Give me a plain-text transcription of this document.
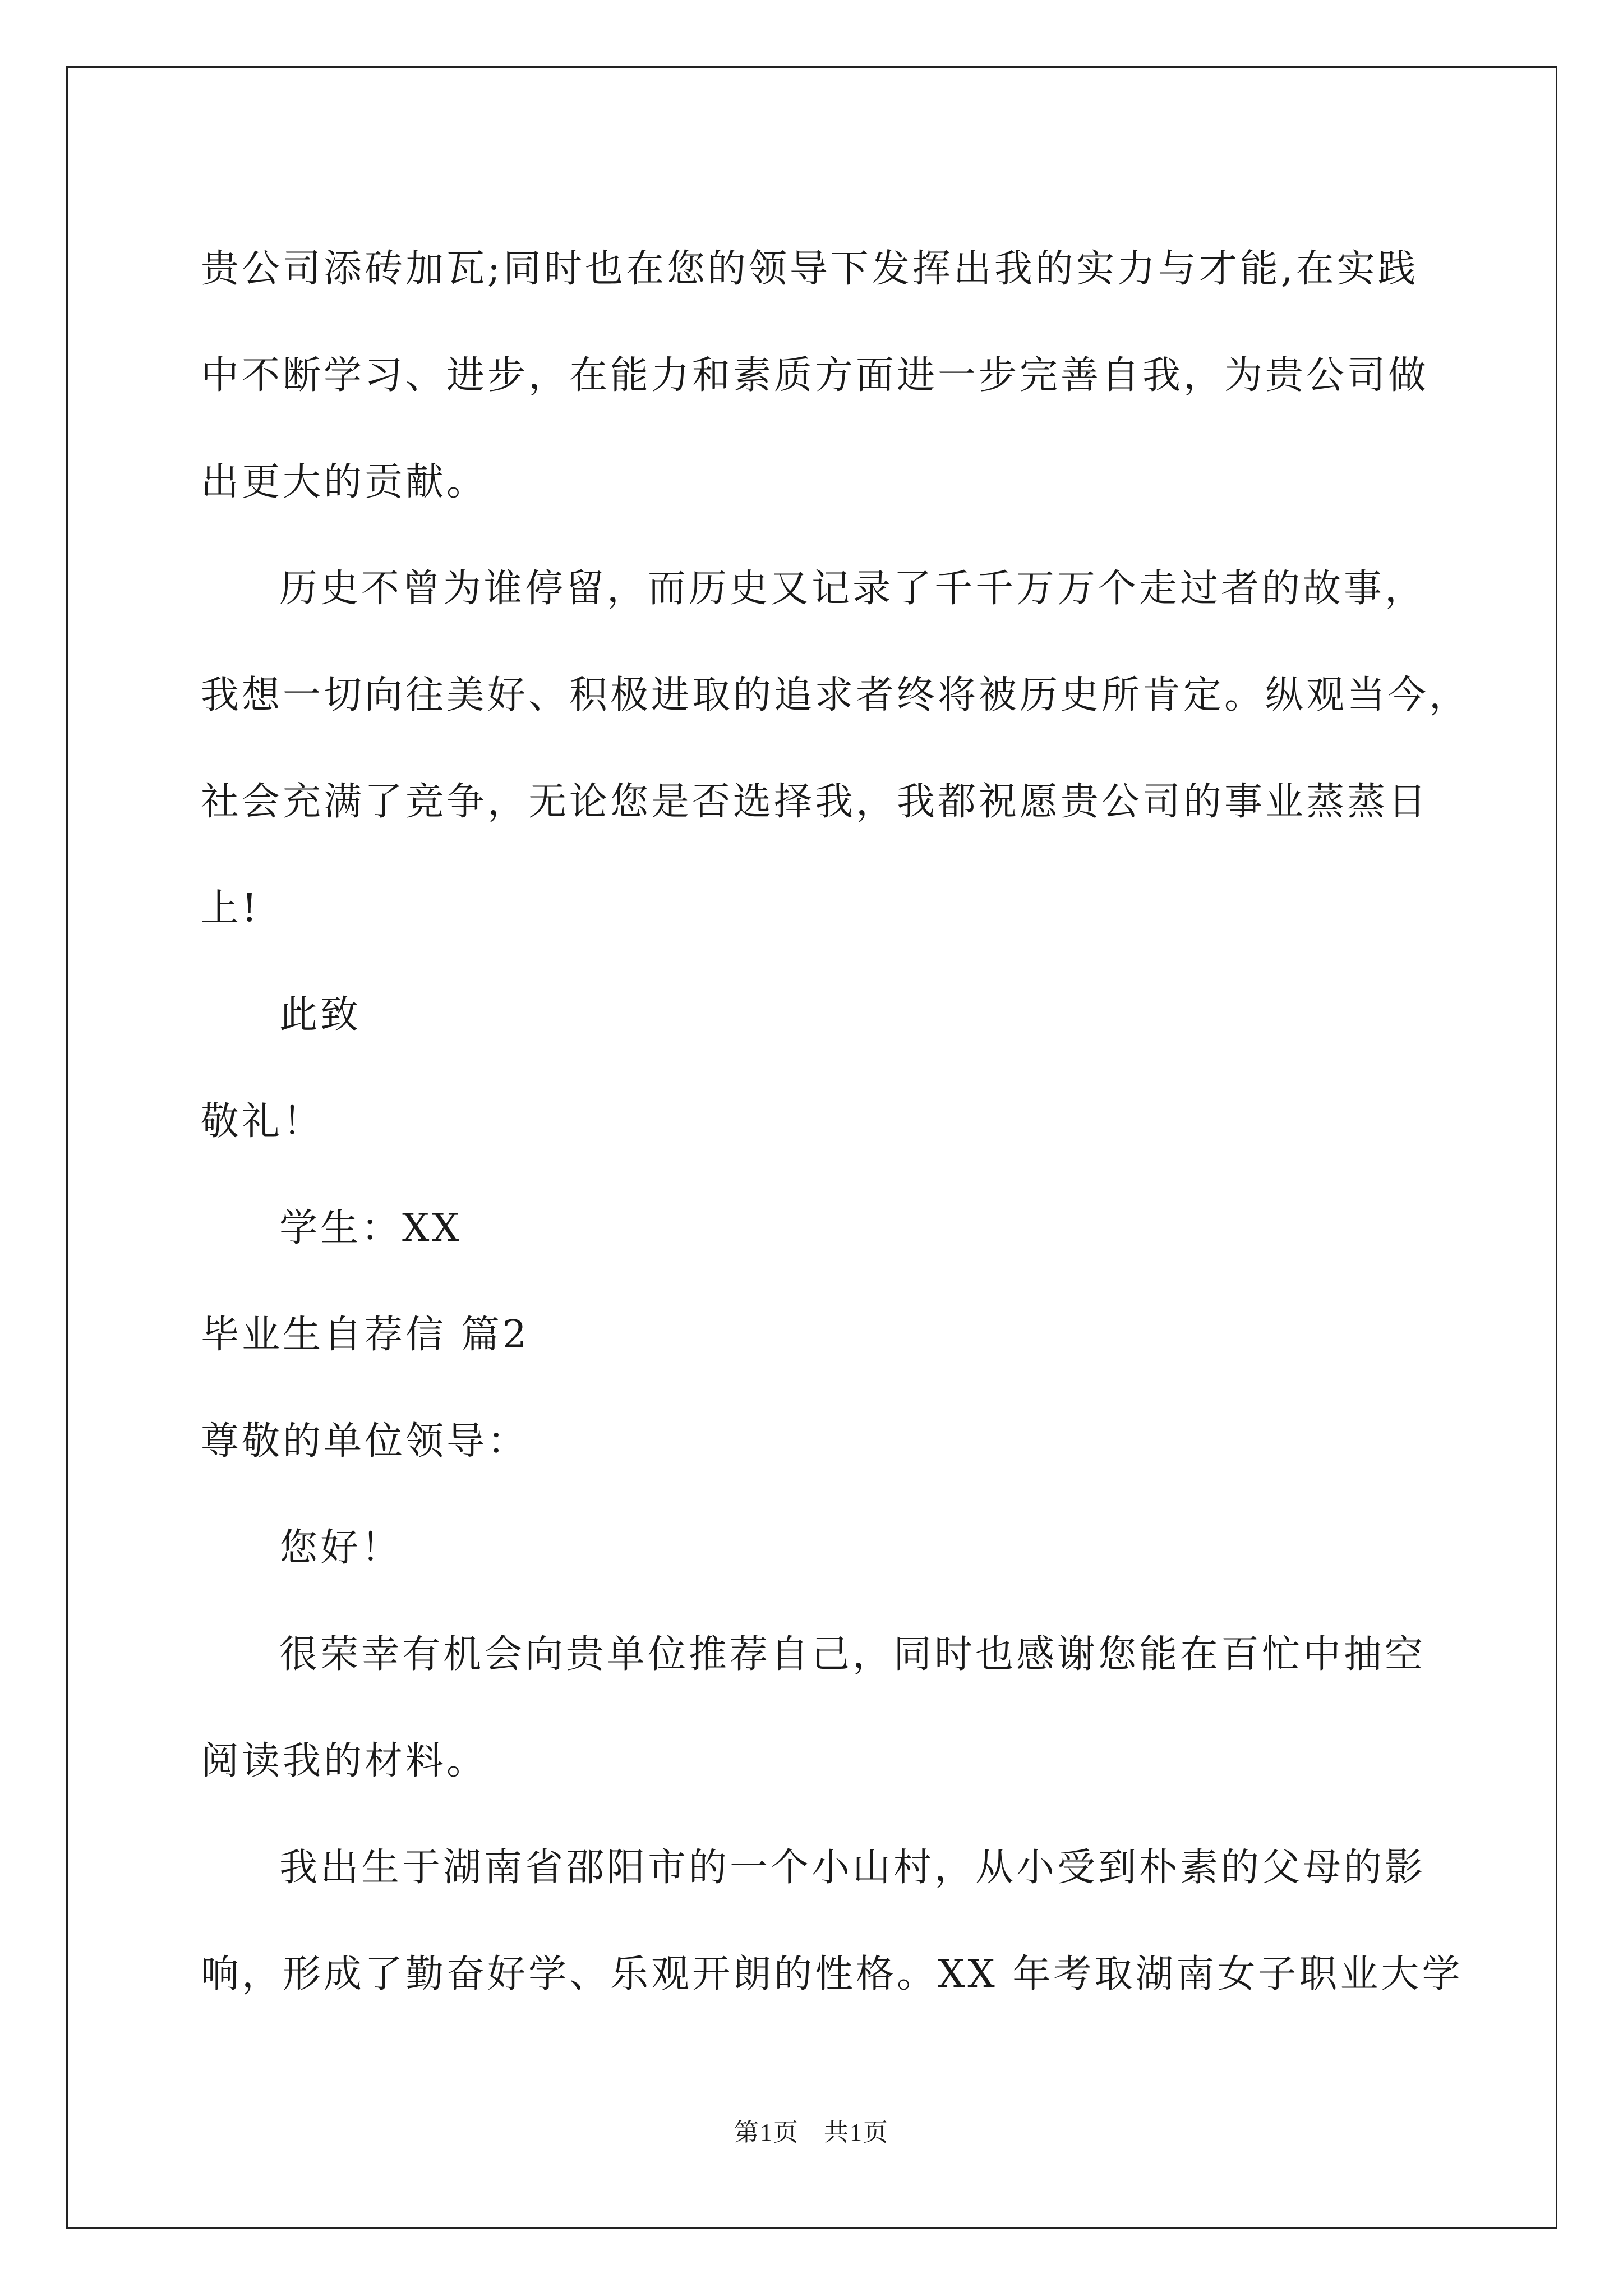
贵公司添砖加瓦;同时也在您的领导下发挥出我的实力与才能,在实践
中不断学习、进步，在能力和素质方面进一步完善自我，为贵公司做
出更大的贡献。
历史不曾为谁停留，而历史又记录了千千万万个走过者的故事，
我想一切向往美好、积极进取的追求者终将被历史所肯定。纵观当今，
社会充满了竞争，无论您是否选择我，我都祝愿贵公司的事业蒸蒸日
上!
此致
敬礼！
学生：XX
毕业生自荐信 篇2
尊敬的单位领导：
您好！
很荣幸有机会向贵单位推荐自己，同时也感谢您能在百忙中抽空
阅读我的材料。
我出生于湖南省邵阳市的一个小山村，从小受到朴素的父母的影
响，形成了勤奋好学、乐观开朗的性格。XX 年考取湖南女子职业大学
第1页 共1页
